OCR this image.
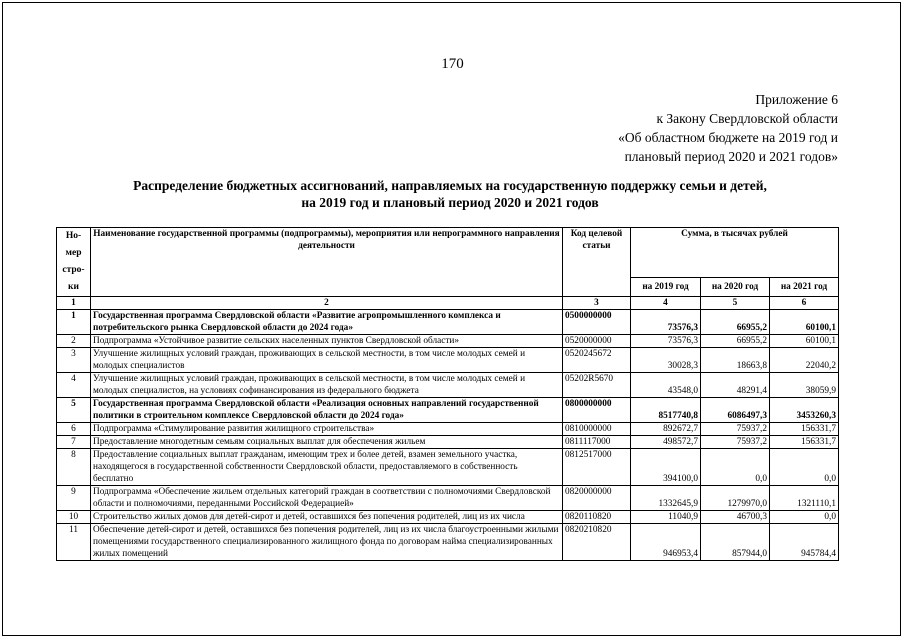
170
Приложение 6
к Закону Свердловской области
«Об областном бюджете на 2019 год и
плановый период 2020 и 2021 годов»
Распределение бюджетных ассигнований, направляемых на государственную поддержку семьи и детей,
на 2019 год и плановый период 2020 и 2021 годов
Но-
мер
стро-
ки	Наименование государственной программы (подпрограммы), мероприятия или непрограммного направления деятельности	Код целевой статьи	Сумма, в тысячах рублей		
			на 2019 год	на 2020 год	на 2021 год
1	2	3	4	5	6
1	Государственная программа Свердловской области «Развитие агропромышленного комплекса и потребительского рынка Свердловской области до 2024 года»	0500000000	73576,3	66955,2	60100,1
2	Подпрограмма «Устойчивое развитие сельских населенных пунктов Свердловской области»	0520000000	73576,3	66955,2	60100,1
3	Улучшение жилищных условий граждан, проживающих в сельской местности, в том числе молодых семей и молодых специалистов	0520245672	30028,3	18663,8	22040,2
4	Улучшение жилищных условий граждан, проживающих в сельской местности, в том числе молодых семей и молодых специалистов, на условиях софинансирования из федерального бюджета	05202R5670	43548,0	48291,4	38059,9
5	Государственная программа Свердловской области «Реализация основных направлений государственной политики в строительном комплексе Свердловской области до 2024 года»	0800000000	8517740,8	6086497,3	3453260,3
6	Подпрограмма «Стимулирование развития жилищного строительства»	0810000000	892672,7	75937,2	156331,7
7	Предоставление многодетным семьям социальных выплат для обеспечения жильем	0811117000	498572,7	75937,2	156331,7
8	Предоставление социальных выплат гражданам, имеющим трех и более детей, взамен земельного участка, находящегося в государственной собственности Свердловской области, предоставляемого в собственность бесплатно	0812517000	394100,0	0,0	0,0
9	Подпрограмма «Обеспечение жильем отдельных категорий граждан в соответствии с полномочиями Свердловской области и полномочиями, переданными Российской Федерацией»	0820000000	1332645,9	1279970,0	1321110,1
10	Строительство жилых домов для детей-сирот и детей, оставшихся без попечения родителей, лиц из их числа	0820110820	11040,9	46700,3	0,0
11	Обеспечение детей-сирот и детей, оставшихся без попечения родителей, лиц из их числа благоустроенными жилыми помещениями государственного специализированного жилищного фонда по договорам найма специализированных жилых помещений	0820210820	946953,4	857944,0	945784,4
